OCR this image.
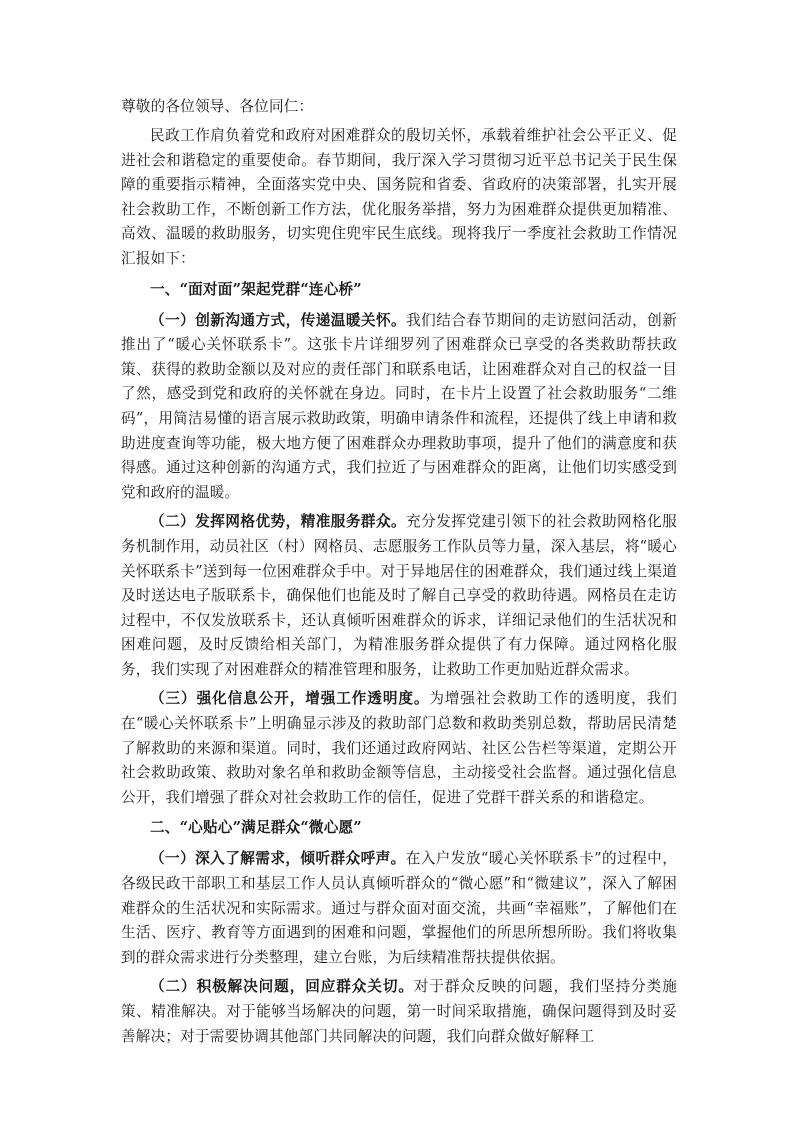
尊敬的各位领导、各位同仁：

民政工作肩负着党和政府对困难群众的殷切关怀，承载着维护社会公平正义、促进社会和谐稳定的重要使命。春节期间，我厅深入学习贯彻习近平总书记关于民生保障的重要指示精神，全面落实党中央、国务院和省委、省政府的决策部署，扎实开展社会救助工作，不断创新工作方法，优化服务举措，努力为困难群众提供更加精准、高效、温暖的救助服务，切实兜住兜牢民生底线。现将我厅一季度社会救助工作情况汇报如下：

一、“面对面”架起党群“连心桥”

（一）创新沟通方式，传递温暖关怀。我们结合春节期间的走访慰问活动，创新推出了“暖心关怀联系卡”。这张卡片详细罗列了困难群众已享受的各类救助帮扶政策、获得的救助金额以及对应的责任部门和联系电话，让困难群众对自己的权益一目了然，感受到党和政府的关怀就在身边。同时，在卡片上设置了社会救助服务“二维码”，用简洁易懂的语言展示救助政策，明确申请条件和流程，还提供了线上申请和救助进度查询等功能，极大地方便了困难群众办理救助事项，提升了他们的满意度和获得感。通过这种创新的沟通方式，我们拉近了与困难群众的距离，让他们切实感受到党和政府的温暖。

（二）发挥网格优势，精准服务群众。充分发挥党建引领下的社会救助网格化服务机制作用，动员社区（村）网格员、志愿服务工作队员等力量，深入基层，将“暖心关怀联系卡”送到每一位困难群众手中。对于异地居住的困难群众，我们通过线上渠道及时送达电子版联系卡，确保他们也能及时了解自己享受的救助待遇。网格员在走访过程中，不仅发放联系卡，还认真倾听困难群众的诉求，详细记录他们的生活状况和困难问题，及时反馈给相关部门，为精准服务群众提供了有力保障。通过网格化服务，我们实现了对困难群众的精准管理和服务，让救助工作更加贴近群众需求。

（三）强化信息公开，增强工作透明度。为增强社会救助工作的透明度，我们在“暖心关怀联系卡”上明确显示涉及的救助部门总数和救助类别总数，帮助居民清楚了解救助的来源和渠道。同时，我们还通过政府网站、社区公告栏等渠道，定期公开社会救助政策、救助对象名单和救助金额等信息，主动接受社会监督。通过强化信息公开，我们增强了群众对社会救助工作的信任，促进了党群干群关系的和谐稳定。

二、“心贴心”满足群众“微心愿”

（一）深入了解需求，倾听群众呼声。在入户发放“暖心关怀联系卡”的过程中，各级民政干部职工和基层工作人员认真倾听群众的“微心愿”和“微建议”，深入了解困难群众的生活状况和实际需求。通过与群众面对面交流，共画“幸福账”，了解他们在生活、医疗、教育等方面遇到的困难和问题，掌握他们的所思所想所盼。我们将收集到的群众需求进行分类整理，建立台账，为后续精准帮扶提供依据。

（二）积极解决问题，回应群众关切。对于群众反映的问题，我们坚持分类施策、精准解决。对于能够当场解决的问题，第一时间采取措施，确保问题得到及时妥善解决；对于需要协调其他部门共同解决的问题，我们向群众做好解释工
